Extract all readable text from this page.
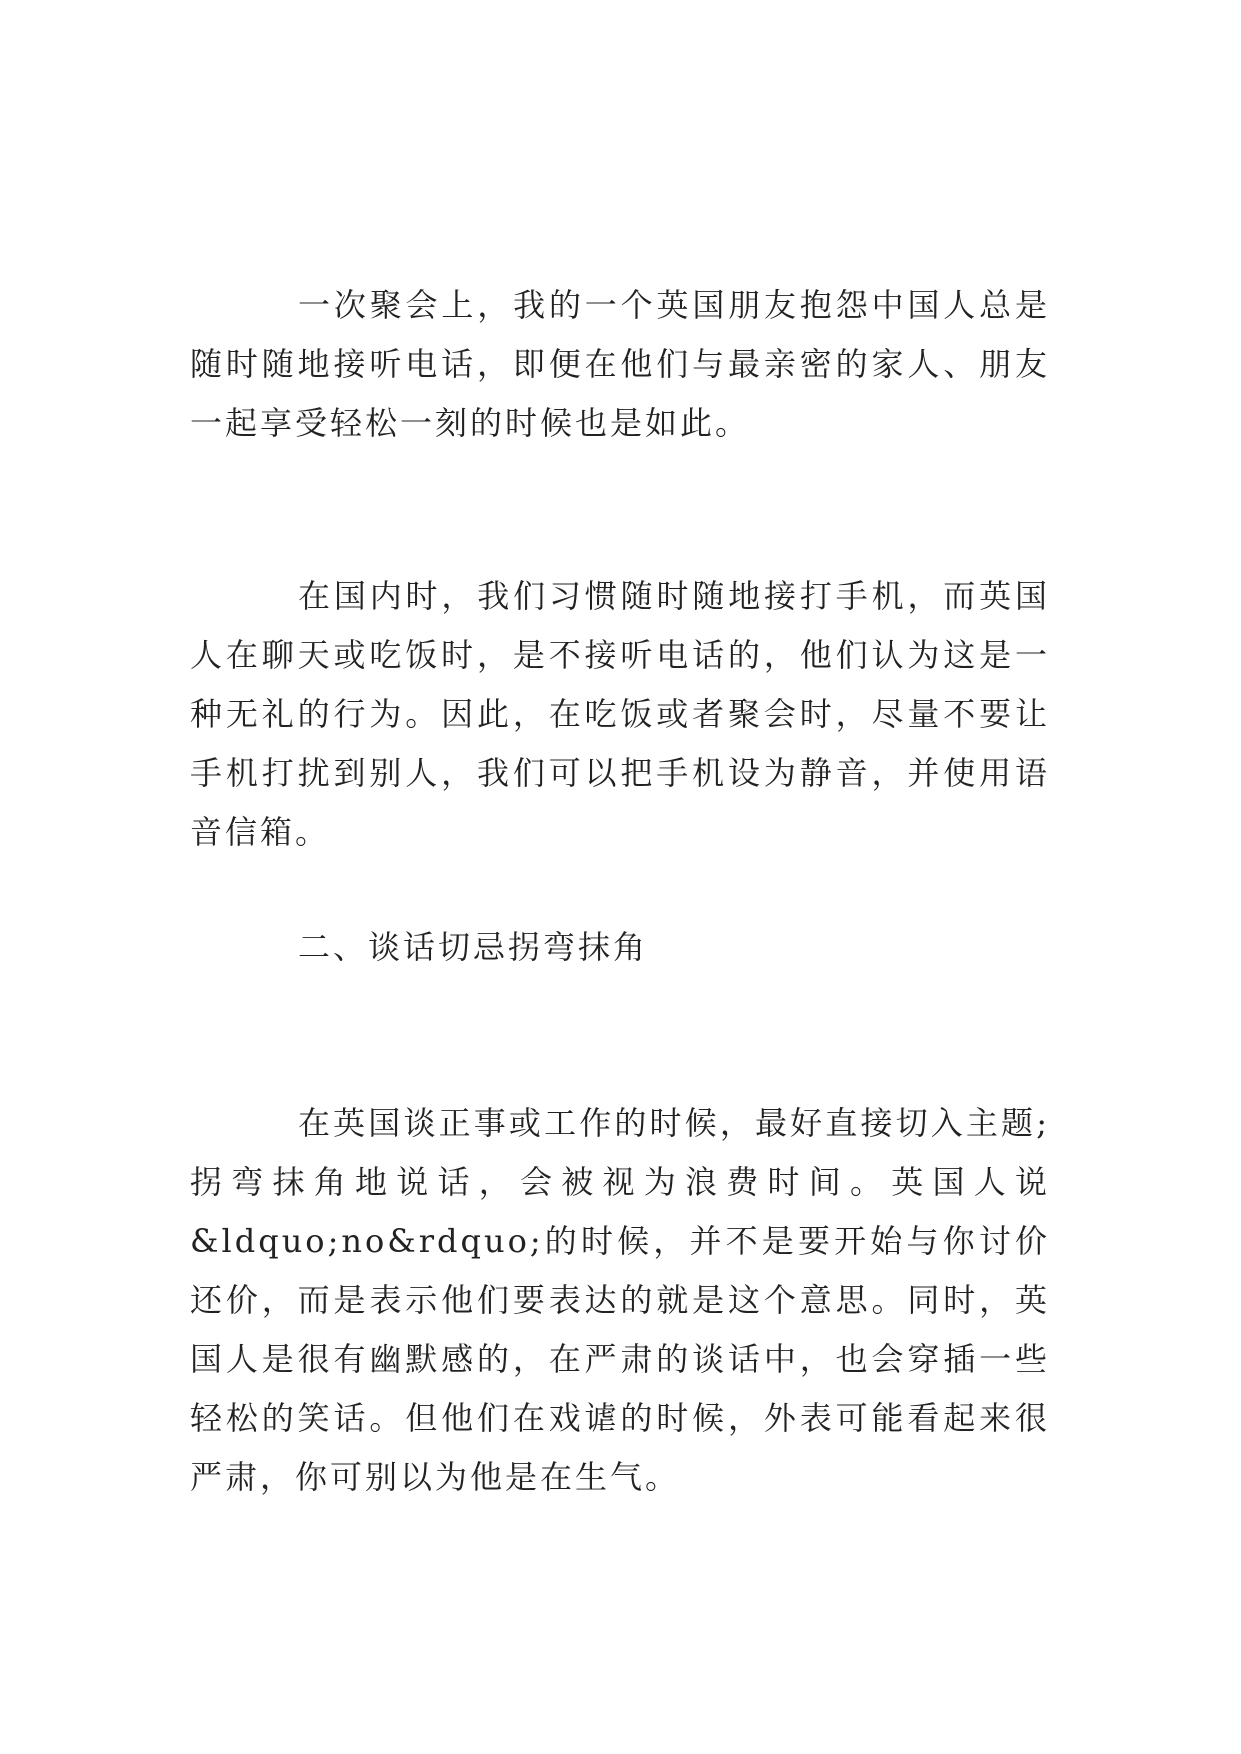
一次聚会上，我的一个英国朋友抱怨中国人总是随时随地接听电话，即便在他们与最亲密的家人、朋友一起享受轻松一刻的时候也是如此。

在国内时，我们习惯随时随地接打手机，而英国人在聊天或吃饭时，是不接听电话的，他们认为这是一种无礼的行为。因此，在吃饭或者聚会时，尽量不要让手机打扰到别人，我们可以把手机设为静音，并使用语音信箱。

二、谈话切忌拐弯抹角

在英国谈正事或工作的时候，最好直接切入主题;拐弯抹角地说话，会被视为浪费时间。英国人说&ldquo;no&rdquo;的时候，并不是要开始与你讨价还价，而是表示他们要表达的就是这个意思。同时，英国人是很有幽默感的，在严肃的谈话中，也会穿插一些轻松的笑话。但他们在戏谑的时候，外表可能看起来很严肃，你可别以为他是在生气。
